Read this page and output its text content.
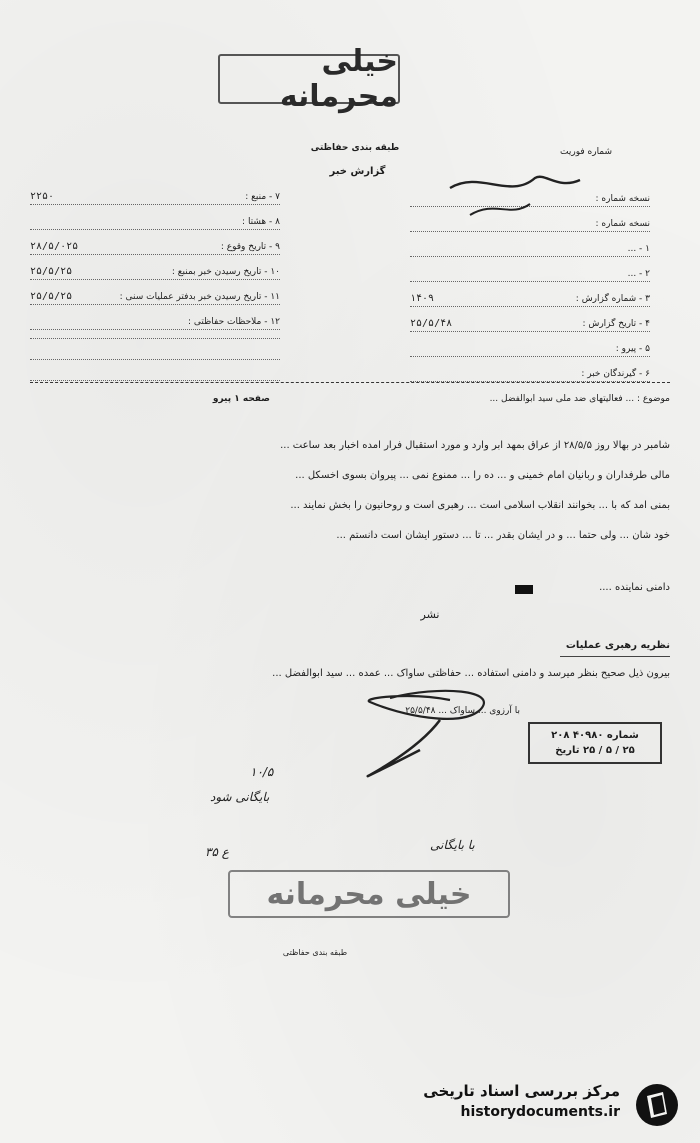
خیلی محرمانه
طبقه بندی حفاظتی
گزارش خبر
شماره فوریت
۷ - منبع :
۲۲۵۰
۸ - هشتا :
۹ - تاریخ وقوع :
۲۸/۵/۰۲۵
۱۰ - تاریخ رسیدن خبر بمنبع :
۲۵/۵/۲۵
۱۱ - تاریخ رسیدن خبر بدفتر عملیات سنی :
۲۵/۵/۲۵
۱۲ - ملاحظات حفاظتی :
نسخه شماره :
نسخه شماره :
۱ - ...
۲ - ...
۳ - شماره گزارش :
۱۴۰۹
۴ - تاریخ گزارش :
۲۵/۵/۴۸
۵ - پیرو :
۶ - گیرندگان خبر :
موضوع : ... فعالیتهای ضد ملی سید ابوالفضل ...
صفحه ۱ پیرو
شامبر در بهالا روز ۲۸/۵/۵ از عراق بمهد ابر وارد و مورد استقبال فرار آمده اخبار بعد ساعت ...
مالی طرفداران و ربانیان امام خمینی و ... ده را ... ممنوع نمی ... پیروان بسوی اخسکل ...
بمنی آمد که با ... بخوانند انقلاب اسلامی است ... رهبری است و روحانیون را بخش نمایند ...
خود شان ... ولی حتماً ... و در ایشان بقدر ... تا ... دستور ایشان است دانستم ...
دامنی نماینده ....
نشر
نظریه رهبری عملیات
بیرون ذیل صحیح بنظر میرسد و دامنی استفاده ... حفاظتی ساواک ... عمده ... سید ابوالفضل ...
با آرزوی ... ساواک ... ۲۵/۵/۴۸
شماره ۴۰۹۸۰ ۲۰۸
۲۵ / ۵ / ۲۵ تاریخ
۱۰/۵
بایگانی شود
ع ۳۵	با بایگانی
خیلی محرمانه
طبقه بندی حفاظتی
مرکز بررسی اسناد تاریخی
historydocuments.ir
